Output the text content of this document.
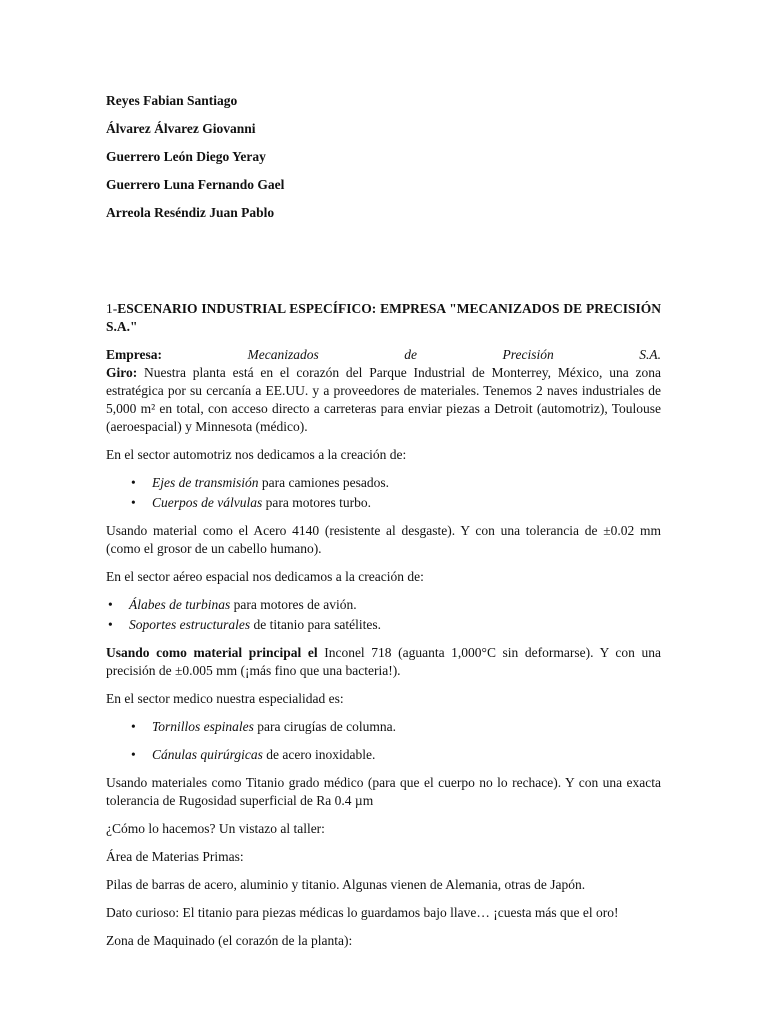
Reyes Fabian Santiago
Álvarez Álvarez Giovanni
Guerrero León Diego Yeray
Guerrero Luna Fernando Gael
Arreola Reséndiz Juan Pablo
1-ESCENARIO INDUSTRIAL ESPECÍFICO: EMPRESA "MECANIZADOS DE PRECISIÓN S.A."
Empresa:	Mecanizados	de	Precisión	S.A.

Giro: Nuestra planta está en el corazón del Parque Industrial de Monterrey, México, una zona estratégica por su cercanía a EE.UU. y a proveedores de materiales. Tenemos 2 naves industriales de 5,000 m² en total, con acceso directo a carreteras para enviar piezas a Detroit (automotriz), Toulouse (aeroespacial) y Minnesota (médico).

En el sector automotriz nos dedicamos a la creación de:

• Ejes de transmisión para camiones pesados.
• Cuerpos de válvulas para motores turbo.

Usando material como el Acero 4140 (resistente al desgaste). Y con una tolerancia de ±0.02 mm (como el grosor de un cabello humano).

En el sector aéreo espacial nos dedicamos a la creación de:

• Álabes de turbinas para motores de avión.
• Soportes estructurales de titanio para satélites.

Usando como material principal el Inconel 718 (aguanta 1,000°C sin deformarse). Y con una precisión de ±0.005 mm (¡más fino que una bacteria!).

En el sector medico nuestra especialidad es:

• Tornillos espinales para cirugías de columna.
• Cánulas quirúrgicas de acero inoxidable.

Usando materiales como Titanio grado médico (para que el cuerpo no lo rechace). Y con una exacta tolerancia de Rugosidad superficial de Ra 0.4 µm

¿Cómo lo hacemos? Un vistazo al taller:

Área de Materias Primas:

Pilas de barras de acero, aluminio y titanio. Algunas vienen de Alemania, otras de Japón.

Dato curioso: El titanio para piezas médicas lo guardamos bajo llave… ¡cuesta más que el oro!

Zona de Maquinado (el corazón de la planta):
